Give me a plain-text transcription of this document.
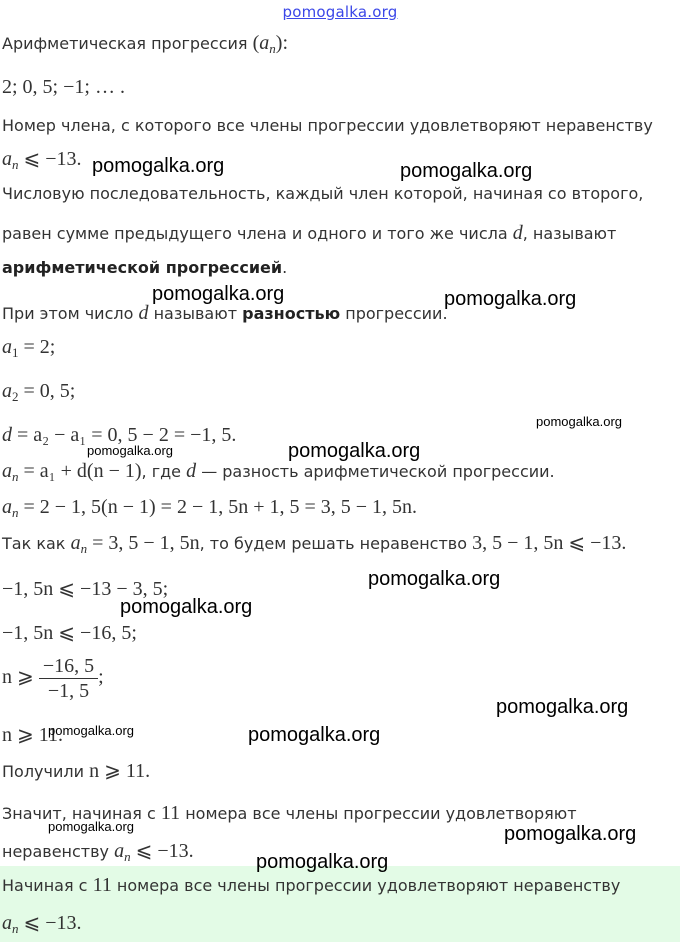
pomogalka.org
Арифметическая прогрессия $(a_n)$:
2; 0, 5; −1; … .
Номер члена, с которого все члены прогрессии удовлетворяют неравенству
$a_n$ ⩽ −13.
Числовую последовательность, каждый член которой, начиная со второго,
равен сумме предыдущего члена и одного и того же числа d, называют
арифметической прогрессией.
При этом число d называют разностью прогрессии.
$a_1 = 2$;
$a_2 = 0$, 5;
d = a₂ − a₁ = 0, 5 − 2 = −1, 5.
$a_n = a_1 + d(n - 1)$, где d — разность арифметической прогрессии.
$a_n = 2 - 1$, 5(n − 1) = 2 − 1, 5n + 1, 5 = 3, 5 − 1, 5n.
Так как $a_n = 3$, 5 − 1, 5n, то будем решать неравенство 3, 5 − 1, 5n ⩽ −13.
−1, 5n ⩽ −13 − 3, 5;
−1, 5n ⩽ −16, 5;
n ⩾ $\frac{-16, 5}{-1, 5}$ ;
n ⩾ 11.
Получили n ⩾ 11.
Значит, начиная с 11 номера все члены прогрессии удовлетворяют
неравенству $a_n$ ⩽ −13.
Начиная с 11 номера все члены прогрессии удовлетворяют неравенству
$a_n$ ⩽ −13.
pomogalka.org	pomogalka.org
pomogalka.org	pomogalka.org
pomogalka.org
pomogalka.org	pomogalka.org
pomogalka.org
pomogalka.org
pomogalka.org
pomogalka.org	pomogalka.org
pomogalka.org	pomogalka.org
pomogalka.org
